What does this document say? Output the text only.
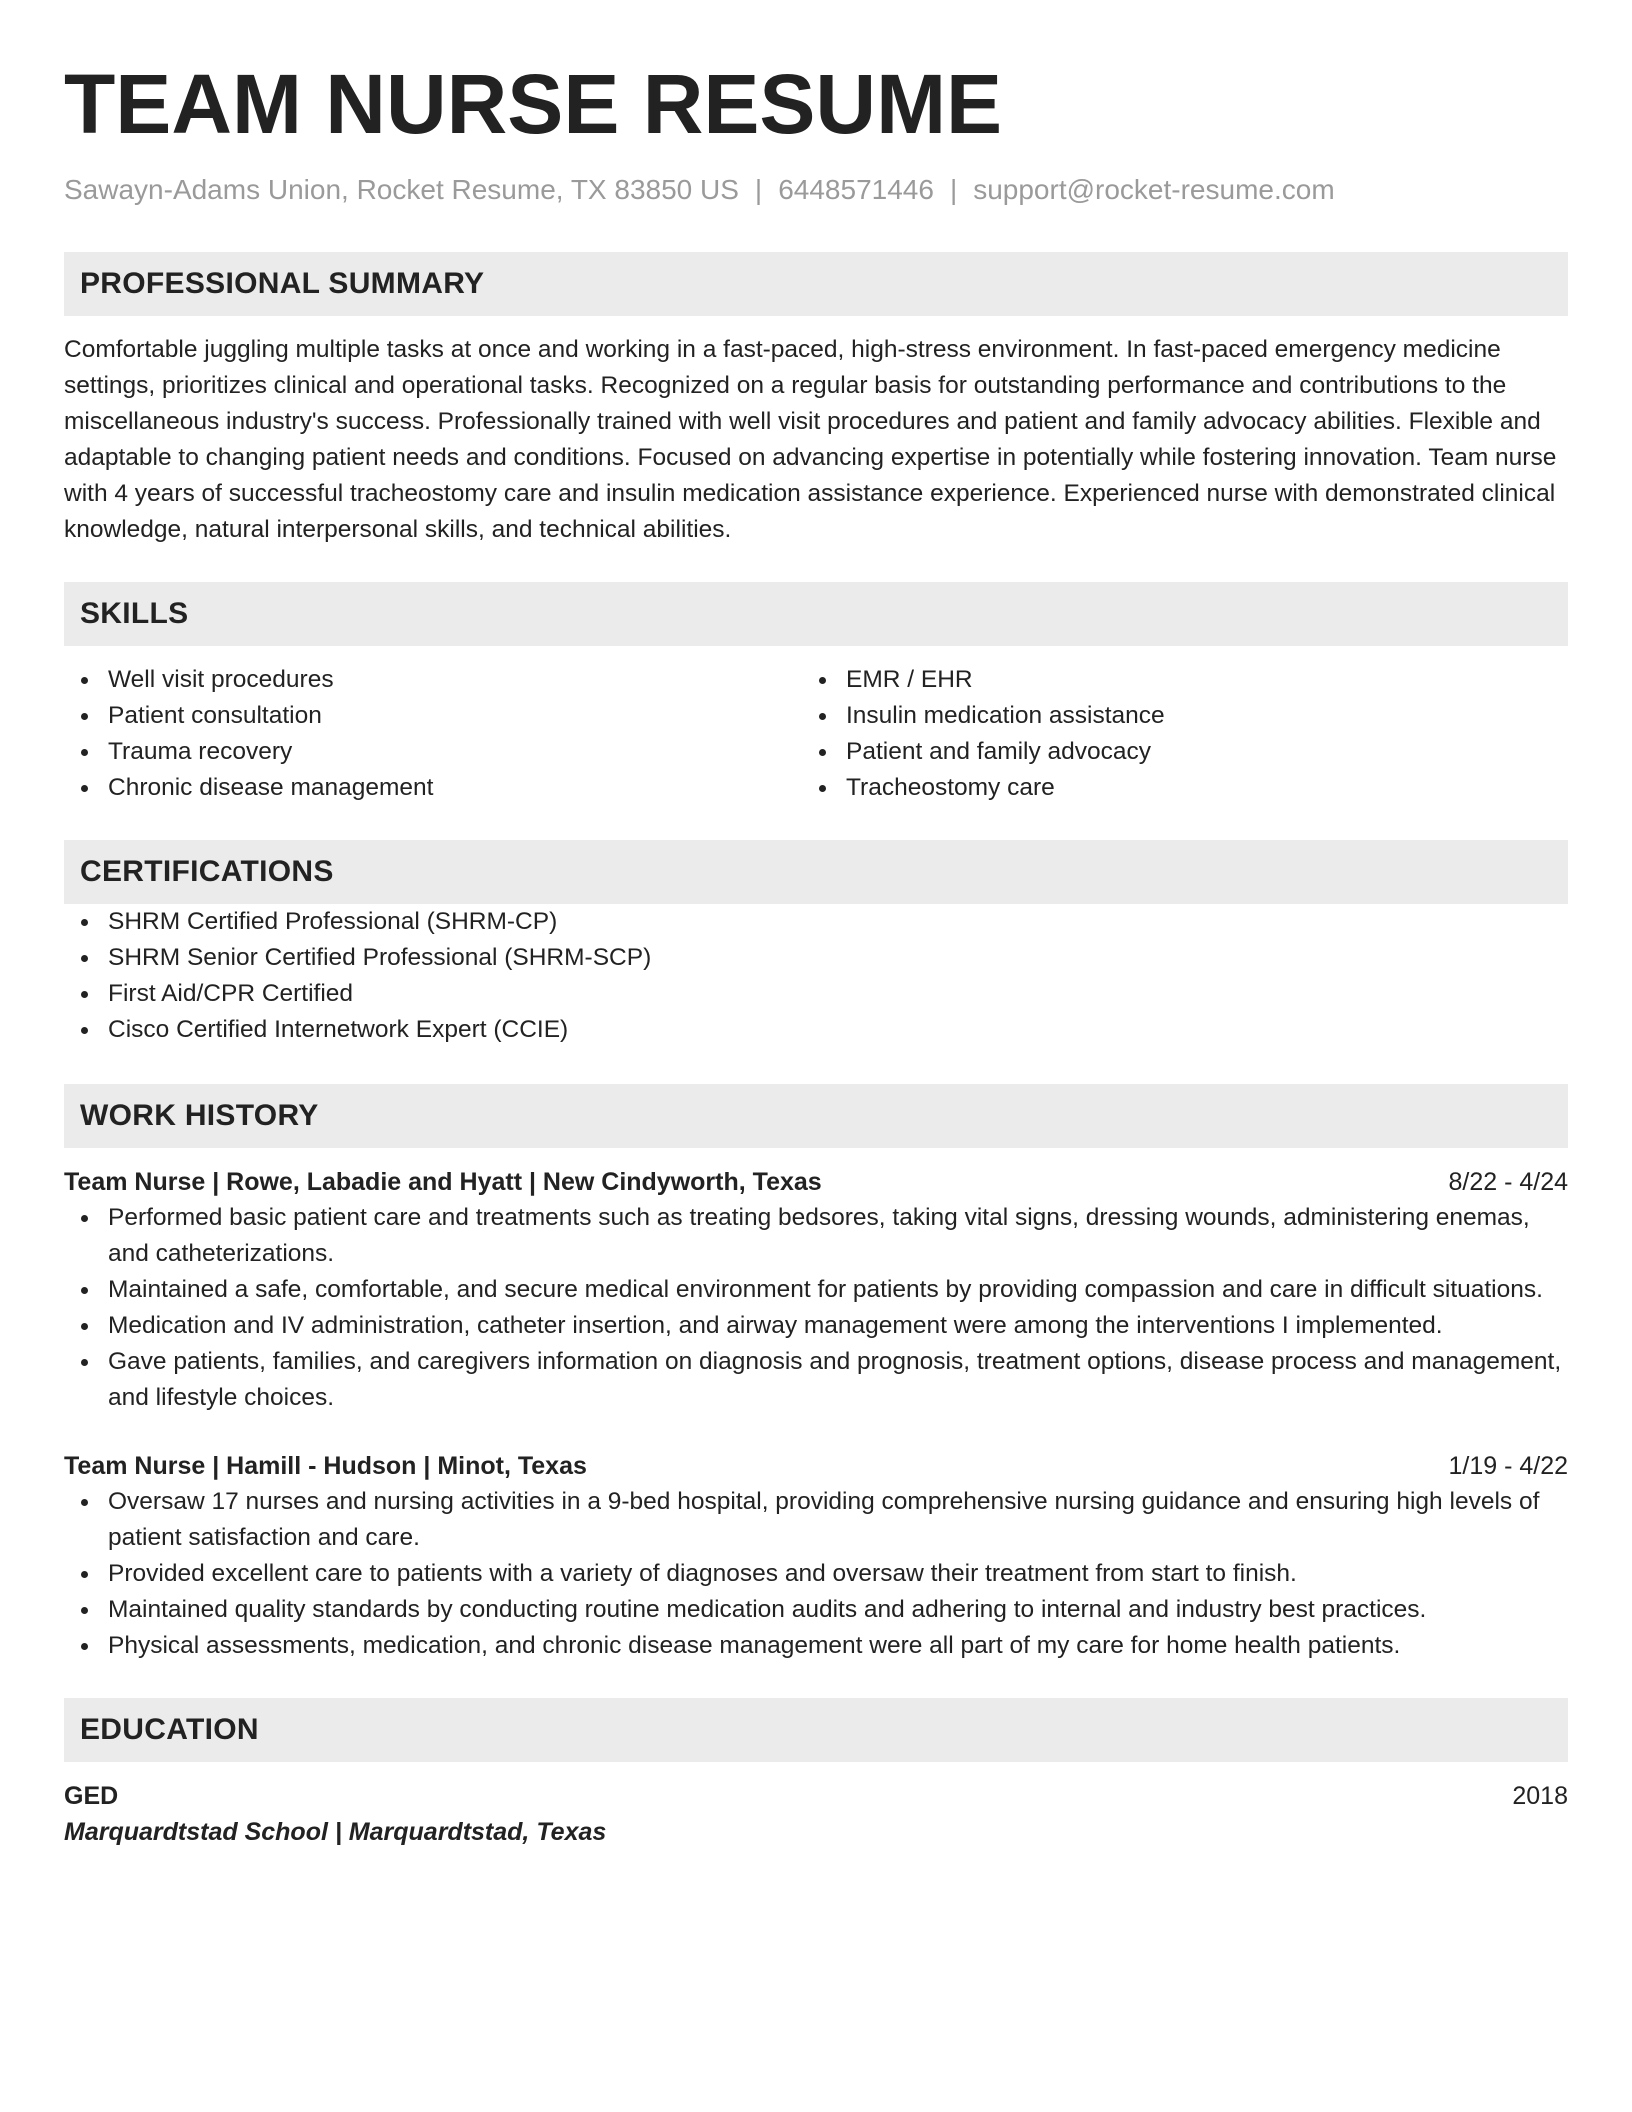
TEAM NURSE RESUME
Sawayn-Adams Union, Rocket Resume, TX 83850 US | 6448571446 | support@rocket-resume.com
PROFESSIONAL SUMMARY
Comfortable juggling multiple tasks at once and working in a fast-paced, high-stress environment. In fast-paced emergency medicine settings, prioritizes clinical and operational tasks. Recognized on a regular basis for outstanding performance and contributions to the miscellaneous industry's success. Professionally trained with well visit procedures and patient and family advocacy abilities. Flexible and adaptable to changing patient needs and conditions. Focused on advancing expertise in potentially while fostering innovation. Team nurse with 4 years of successful tracheostomy care and insulin medication assistance experience. Experienced nurse with demonstrated clinical knowledge, natural interpersonal skills, and technical abilities.
SKILLS
Well visit procedures
Patient consultation
Trauma recovery
Chronic disease management
EMR / EHR
Insulin medication assistance
Patient and family advocacy
Tracheostomy care
CERTIFICATIONS
SHRM Certified Professional (SHRM-CP)
SHRM Senior Certified Professional (SHRM-SCP)
First Aid/CPR Certified
Cisco Certified Internetwork Expert (CCIE)
WORK HISTORY
Team Nurse | Rowe, Labadie and Hyatt | New Cindyworth, Texas	8/22 - 4/24
Performed basic patient care and treatments such as treating bedsores, taking vital signs, dressing wounds, administering enemas, and catheterizations.
Maintained a safe, comfortable, and secure medical environment for patients by providing compassion and care in difficult situations.
Medication and IV administration, catheter insertion, and airway management were among the interventions I implemented.
Gave patients, families, and caregivers information on diagnosis and prognosis, treatment options, disease process and management, and lifestyle choices.
Team Nurse | Hamill - Hudson | Minot, Texas	1/19 - 4/22
Oversaw 17 nurses and nursing activities in a 9-bed hospital, providing comprehensive nursing guidance and ensuring high levels of patient satisfaction and care.
Provided excellent care to patients with a variety of diagnoses and oversaw their treatment from start to finish.
Maintained quality standards by conducting routine medication audits and adhering to internal and industry best practices.
Physical assessments, medication, and chronic disease management were all part of my care for home health patients.
EDUCATION
GED	2018
Marquardtstad School | Marquardtstad, Texas
